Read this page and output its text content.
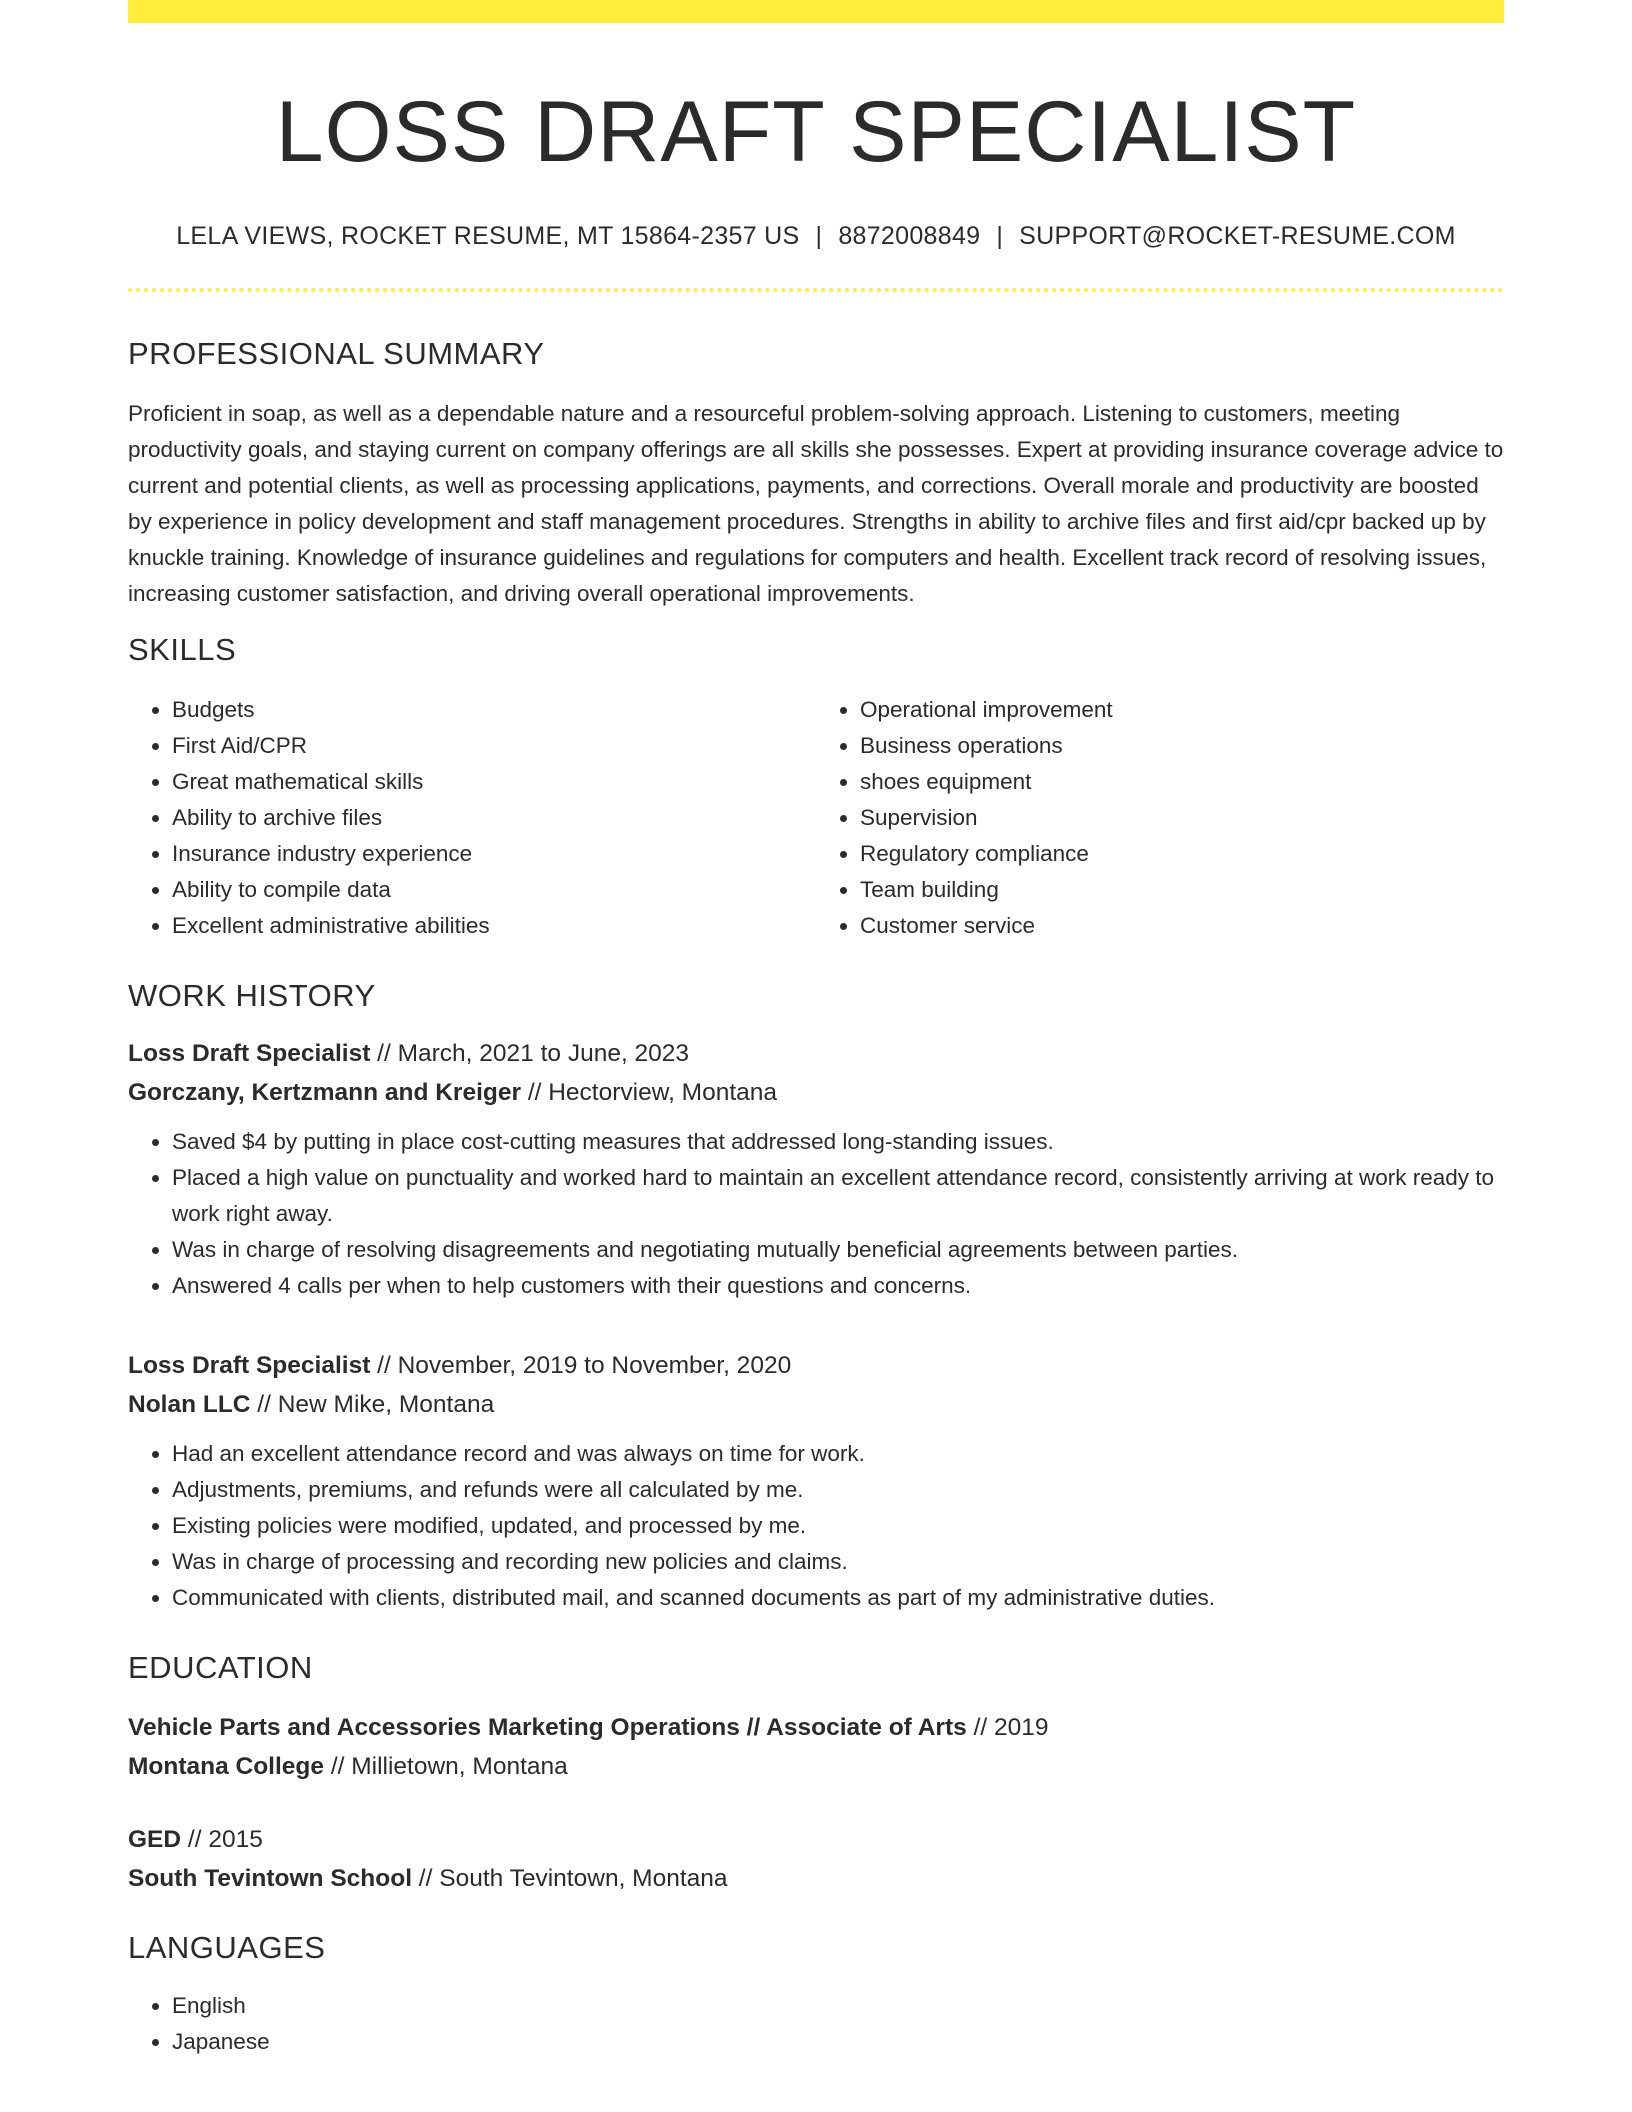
LOSS DRAFT SPECIALIST
LELA VIEWS, ROCKET RESUME, MT 15864-2357 US | 8872008849 | SUPPORT@ROCKET-RESUME.COM
PROFESSIONAL SUMMARY

Proficient in soap, as well as a dependable nature and a resourceful problem-solving approach. Listening to customers, meeting productivity goals, and staying current on company offerings are all skills she possesses. Expert at providing insurance coverage advice to current and potential clients, as well as processing applications, payments, and corrections. Overall morale and productivity are boosted by experience in policy development and staff management procedures. Strengths in ability to archive files and first aid/cpr backed up by knuckle training. Knowledge of insurance guidelines and regulations for computers and health. Excellent track record of resolving issues, increasing customer satisfaction, and driving overall operational improvements.

SKILLS
• Budgets
• First Aid/CPR
• Great mathematical skills
• Ability to archive files
• Insurance industry experience
• Ability to compile data
• Excellent administrative abilities
• Operational improvement
• Business operations
• shoes equipment
• Supervision
• Regulatory compliance
• Team building
• Customer service
WORK HISTORY
Loss Draft Specialist // March, 2021 to June, 2023
Gorczany, Kertzmann and Kreiger // Hectorview, Montana
• Saved $4 by putting in place cost-cutting measures that addressed long-standing issues.
• Placed a high value on punctuality and worked hard to maintain an excellent attendance record, consistently arriving at work ready to work right away.
• Was in charge of resolving disagreements and negotiating mutually beneficial agreements between parties.
• Answered 4 calls per when to help customers with their questions and concerns.
Loss Draft Specialist // November, 2019 to November, 2020
Nolan LLC // New Mike, Montana
• Had an excellent attendance record and was always on time for work.
• Adjustments, premiums, and refunds were all calculated by me.
• Existing policies were modified, updated, and processed by me.
• Was in charge of processing and recording new policies and claims.
• Communicated with clients, distributed mail, and scanned documents as part of my administrative duties.
EDUCATION
Vehicle Parts and Accessories Marketing Operations // Associate of Arts // 2019
Montana College // Millietown, Montana
GED // 2015
South Tevintown School // South Tevintown, Montana
LANGUAGES
• English
• Japanese
